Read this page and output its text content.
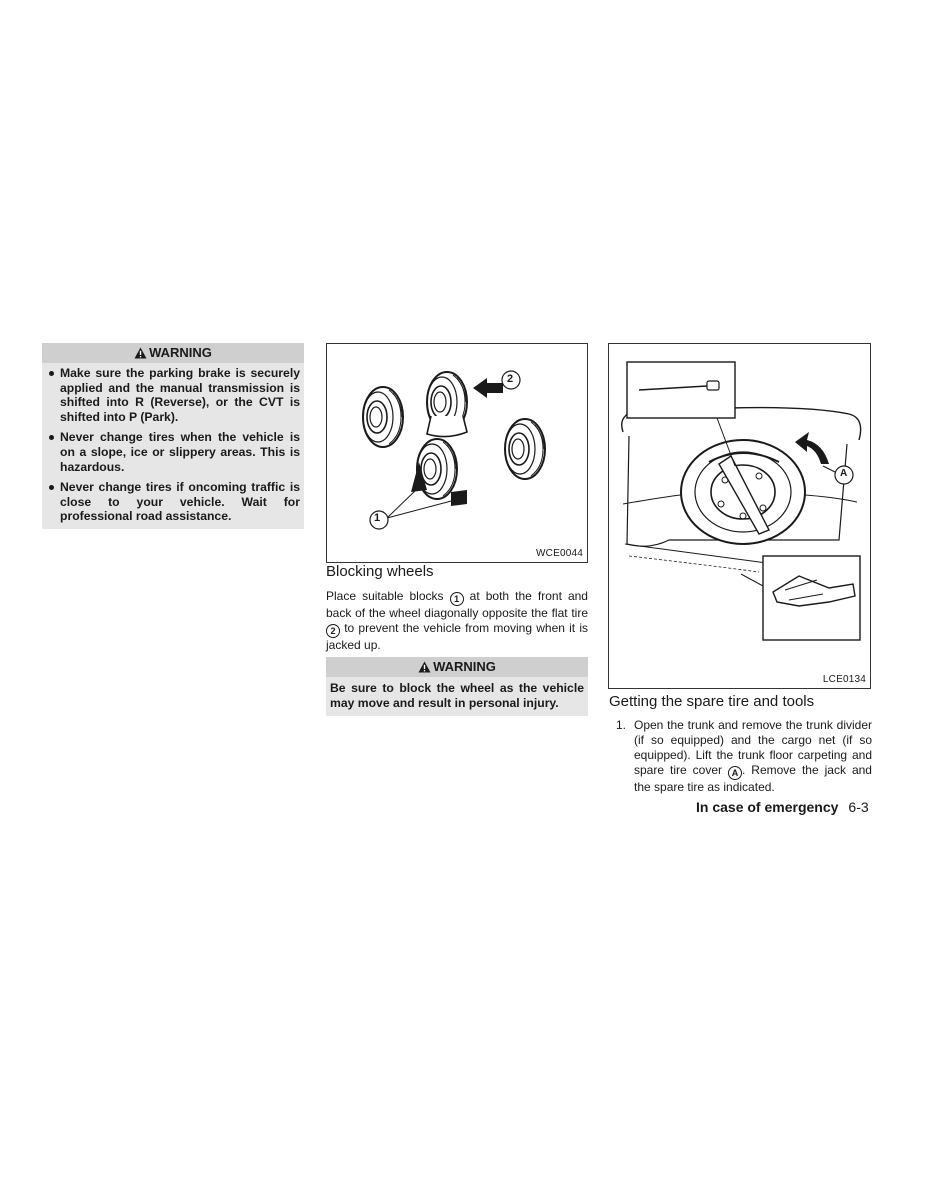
WARNING
Make sure the parking brake is securely applied and the manual transmission is shifted into R (Reverse), or the CVT is shifted into P (Park).
Never change tires when the vehicle is on a slope, ice or slippery areas. This is hazardous.
Never change tires if oncoming traffic is close to your vehicle. Wait for professional road assistance.	1
2
WCE0044
Blocking wheels
Place suitable blocks 1 at both the front and back of the wheel diagonally opposite the flat tire 2 to prevent the vehicle from moving when it is jacked up.
WARNING
Be sure to block the wheel as the vehicle may move and result in personal injury.
A
LCE0134
Getting the spare tire and tools
1. Open the trunk and remove the trunk divider (if so equipped) and the cargo net (if so equipped). Lift the trunk floor carpeting and spare tire cover A . Remove the jack and the spare tire as indicated.
In case of emergency 6-3
